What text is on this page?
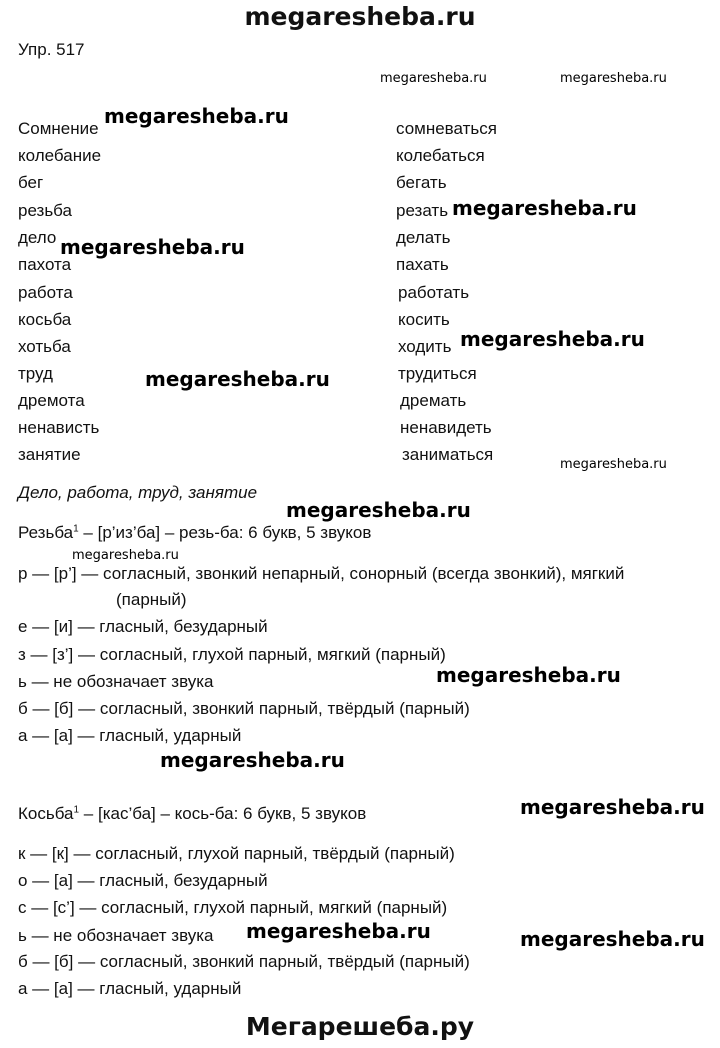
megaresheba.ru
Упр. 517
Сомнение	сомневаться
колебание	колебаться
бег	бегать
резьба	резать
дело	делать
пахота	пахать
работа	работать
косьба	косить
хотьба	ходить
труд	трудиться
дремота	дремать
ненависть	ненавидеть
занятие	заниматься
Дело, работа, труд, занятие
Резьба$^1$ – [р’из’ба] – резь-ба: 6 букв, 5 звуков
р — [р’] — согласный, звонкий непарный, сонорный (всегда звонкий), мягкий
(парный)
е — [и] — гласный, безударный
з — [з’] — согласный, глухой парный, мягкий (парный)
ь — не обозначает звука
б — [б] — согласный, звонкий парный, твёрдый (парный)
а — [а] — гласный, ударный
Косьба$^1$ – [кас’ба] – кось-ба: 6 букв, 5 звуков
к — [к] — согласный, глухой парный, твёрдый (парный)
о — [а] — гласный, безударный
с — [с’] — согласный, глухой парный, мягкий (парный)
ь — не обозначает звука
б — [б] — согласный, звонкий парный, твёрдый (парный)
а — [а] — гласный, ударный
megaresheba.ru	megaresheba.ru
megaresheba.ru
megaresheba.ru
megaresheba.ru
megaresheba.ru
megaresheba.ru
megaresheba.ru
megaresheba.ru
megaresheba.ru
megaresheba.ru
megaresheba.ru
megaresheba.ru
megaresheba.ru	megaresheba.ru
Мегарешеба.ру
